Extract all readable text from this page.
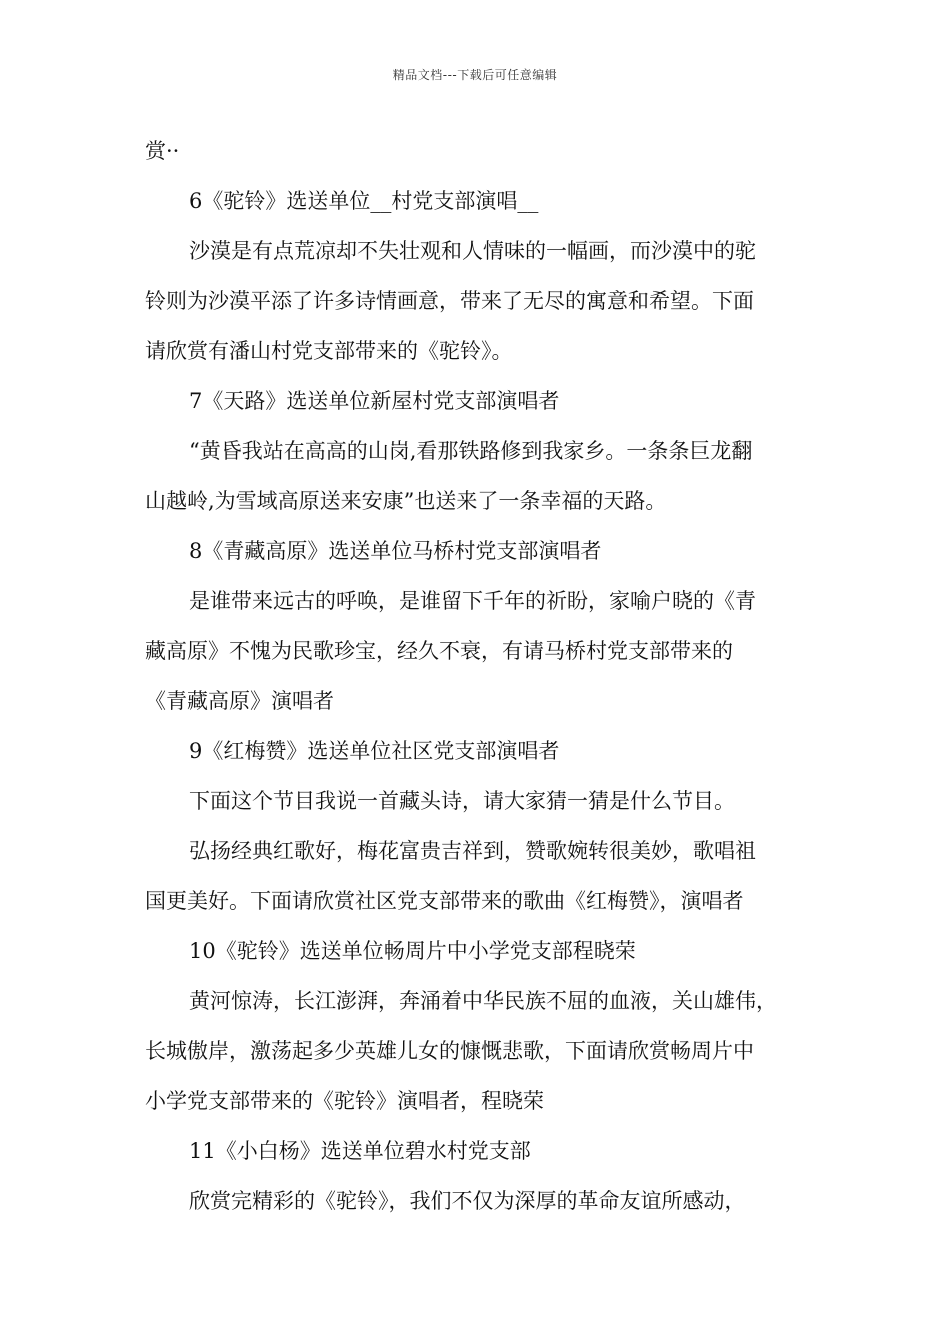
精品文档---下载后可任意编辑
赏··
6《驼铃》选送单位__村党支部演唱__
沙漠是有点荒凉却不失壮观和人情味的一幅画，而沙漠中的驼
铃则为沙漠平添了许多诗情画意，带来了无尽的寓意和希望。下面
请欣赏有潘山村党支部带来的《驼铃》。
7《天路》选送单位新屋村党支部演唱者
“黄昏我站在高高的山岗,看那铁路修到我家乡。一条条巨龙翻
山越岭,为雪域高原送来安康”也送来了一条幸福的天路。
8《青藏高原》选送单位马桥村党支部演唱者
是谁带来远古的呼唤，是谁留下千年的祈盼，家喻户晓的《青
藏高原》不愧为民歌珍宝，经久不衰，有请马桥村党支部带来的
《青藏高原》演唱者
9《红梅赞》选送单位社区党支部演唱者
下面这个节目我说一首藏头诗，请大家猜一猜是什么节目。
弘扬经典红歌好，梅花富贵吉祥到，赞歌婉转很美妙，歌唱祖
国更美好。下面请欣赏社区党支部带来的歌曲《红梅赞》，演唱者
10《驼铃》选送单位畅周片中小学党支部程晓荣
黄河惊涛，长江澎湃，奔涌着中华民族不屈的血液，关山雄伟，
长城傲岸，激荡起多少英雄儿女的慷慨悲歌，下面请欣赏畅周片中
小学党支部带来的《驼铃》演唱者，程晓荣
11《小白杨》选送单位碧水村党支部
欣赏完精彩的《驼铃》，我们不仅为深厚的革命友谊所感动，
